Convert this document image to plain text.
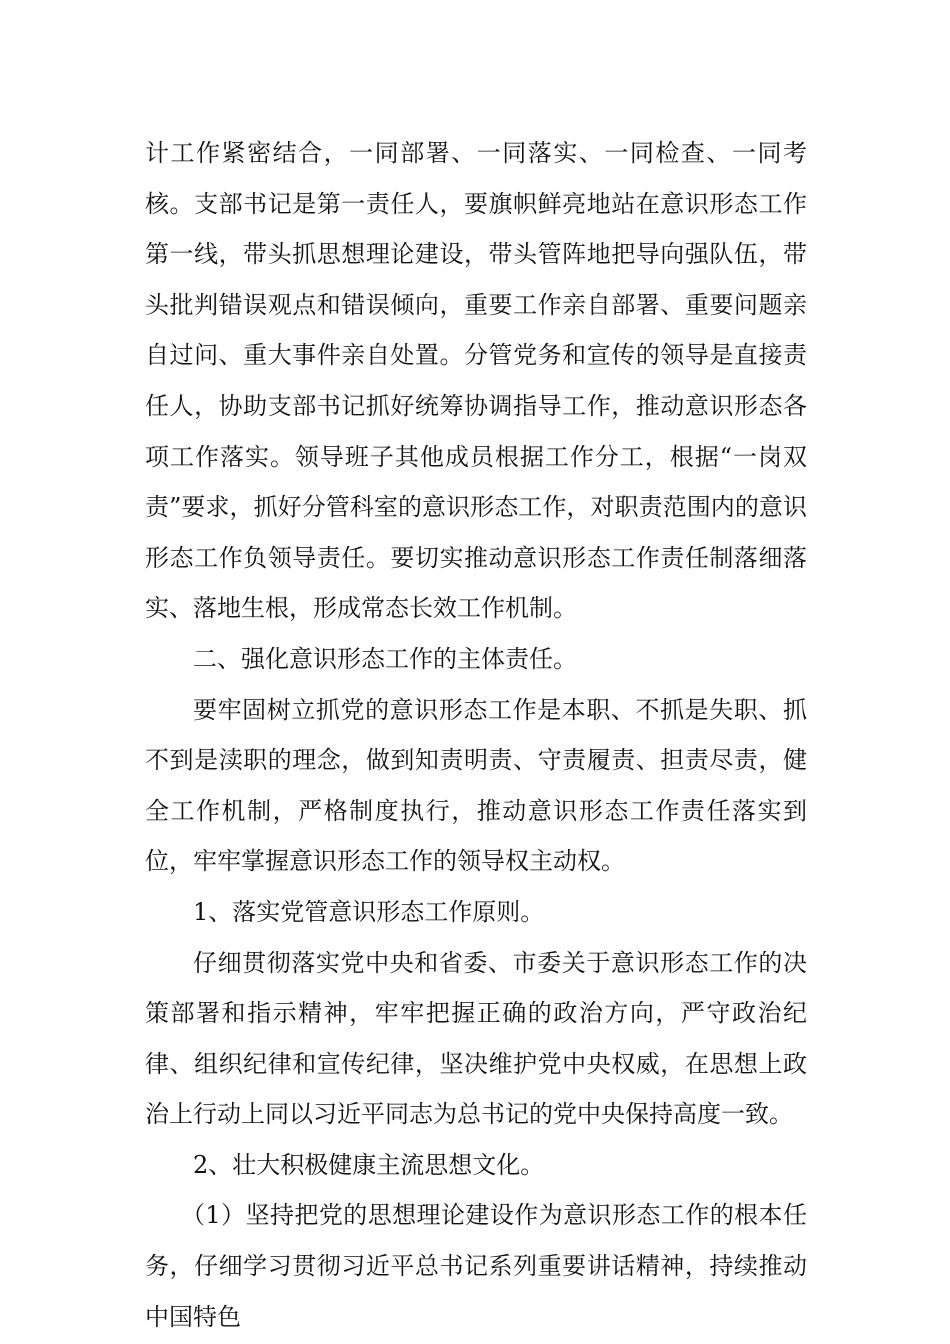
计工作紧密结合，一同部署、一同落实、一同检查、一同考核。支部书记是第一责任人，要旗帜鲜亮地站在意识形态工作第一线，带头抓思想理论建设，带头管阵地把导向强队伍，带头批判错误观点和错误倾向，重要工作亲自部署、重要问题亲自过问、重大事件亲自处置。分管党务和宣传的领导是直接责任人，协助支部书记抓好统筹协调指导工作，推动意识形态各项工作落实。领导班子其他成员根据工作分工，根据“一岗双责”要求，抓好分管科室的意识形态工作，对职责范围内的意识形态工作负领导责任。要切实推动意识形态工作责任制落细落实、落地生根，形成常态长效工作机制。

二、强化意识形态工作的主体责任。

要牢固树立抓党的意识形态工作是本职、不抓是失职、抓不到是渎职的理念，做到知责明责、守责履责、担责尽责，健全工作机制，严格制度执行，推动意识形态工作责任落实到位，牢牢掌握意识形态工作的领导权主动权。

1、落实党管意识形态工作原则。

仔细贯彻落实党中央和省委、市委关于意识形态工作的决策部署和指示精神，牢牢把握正确的政治方向，严守政治纪律、组织纪律和宣传纪律，坚决维护党中央权威，在思想上政治上行动上同以习近平同志为总书记的党中央保持高度一致。

2、壮大积极健康主流思想文化。

（1）坚持把党的思想理论建设作为意识形态工作的根本任务，仔细学习贯彻习近平总书记系列重要讲话精神，持续推动中国特色
